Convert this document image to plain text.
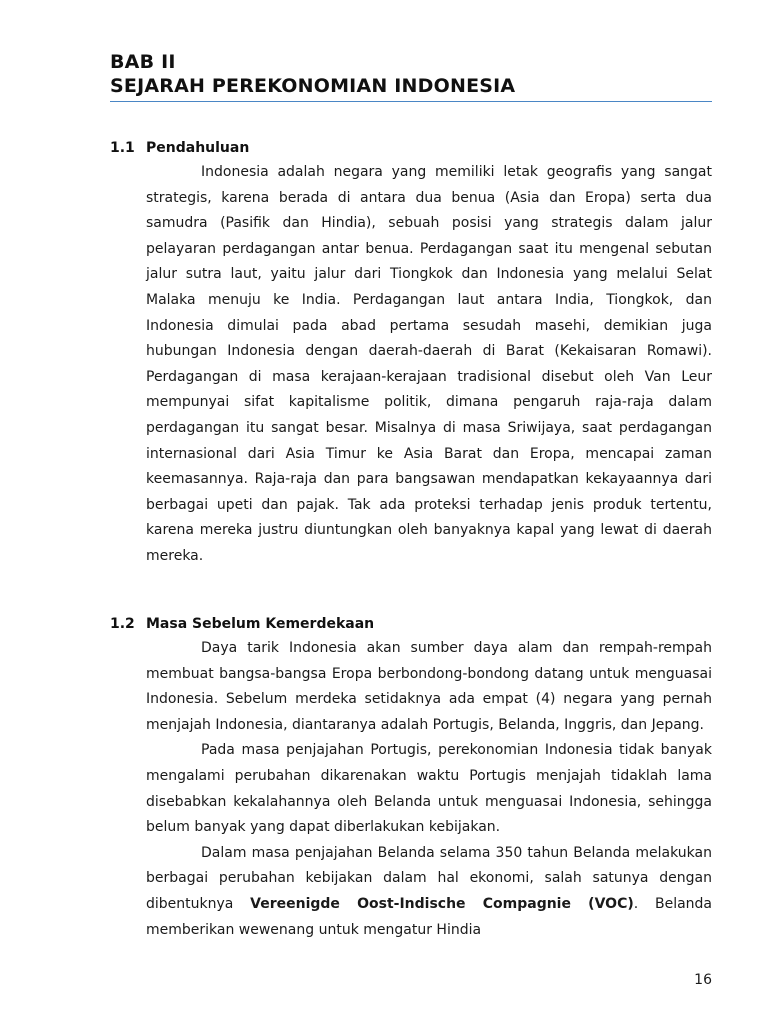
BAB II
SEJARAH PEREKONOMIAN INDONESIA
1.1 Pendahuluan

Indonesia adalah negara yang memiliki letak geografis yang sangat strategis, karena berada di antara dua benua (Asia dan Eropa) serta dua samudra (Pasifik dan Hindia), sebuah posisi yang strategis dalam jalur pelayaran perdagangan antar benua. Perdagangan saat itu mengenal sebutan jalur sutra laut, yaitu jalur dari Tiongkok dan Indonesia yang melalui Selat Malaka menuju ke India. Perdagangan laut antara India, Tiongkok, dan Indonesia dimulai pada abad pertama sesudah masehi, demikian juga hubungan Indonesia dengan daerah-daerah di Barat (Kekaisaran Romawi). Perdagangan di masa kerajaan-kerajaan tradisional disebut oleh Van Leur mempunyai sifat kapitalisme politik, dimana pengaruh raja-raja dalam perdagangan itu sangat besar. Misalnya di masa Sriwijaya, saat perdagangan internasional dari Asia Timur ke Asia Barat dan Eropa, mencapai zaman keemasannya. Raja-raja dan para bangsawan mendapatkan kekayaannya dari berbagai upeti dan pajak. Tak ada proteksi terhadap jenis produk tertentu, karena mereka justru diuntungkan oleh banyaknya kapal yang lewat di daerah mereka.

1.2 Masa Sebelum Kemerdekaan

Daya tarik Indonesia akan sumber daya alam dan rempah-rempah membuat bangsa-bangsa Eropa berbondong-bondong datang untuk menguasai Indonesia. Sebelum merdeka setidaknya ada empat (4) negara yang pernah menjajah Indonesia, diantaranya adalah Portugis, Belanda, Inggris, dan Jepang.

Pada masa penjajahan Portugis, perekonomian Indonesia tidak banyak mengalami perubahan dikarenakan waktu Portugis menjajah tidaklah lama disebabkan kekalahannya oleh Belanda untuk menguasai Indonesia, sehingga belum banyak yang dapat diberlakukan kebijakan.

Dalam masa penjajahan Belanda selama 350 tahun Belanda melakukan berbagai perubahan kebijakan dalam hal ekonomi, salah satunya dengan dibentuknya Vereenigde Oost-Indische Compagnie (VOC). Belanda memberikan wewenang untuk mengatur Hindia

16
